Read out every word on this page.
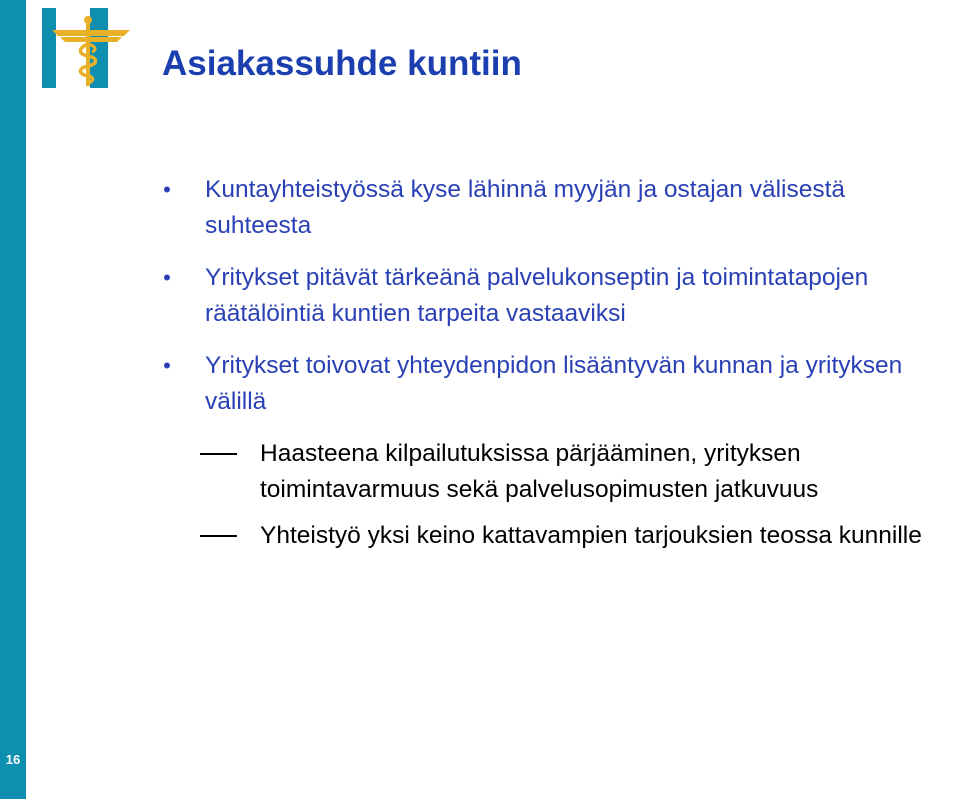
16
Asiakassuhde kuntiin
• Kuntayhteistyössä kyse lähinnä myyjän ja ostajan välisestä suhteesta
• Yritykset pitävät tärkeänä palvelukonseptin ja toimintatapojen räätälöintiä kuntien tarpeita vastaaviksi
• Yritykset toivovat yhteydenpidon lisääntyvän kunnan ja yrityksen välillä
Haasteena kilpailutuksissa pärjääminen, yrityksen toimintavarmuus sekä palvelusopimusten jatkuvuus
Yhteistyö yksi keino kattavampien tarjouksien teossa kunnille
